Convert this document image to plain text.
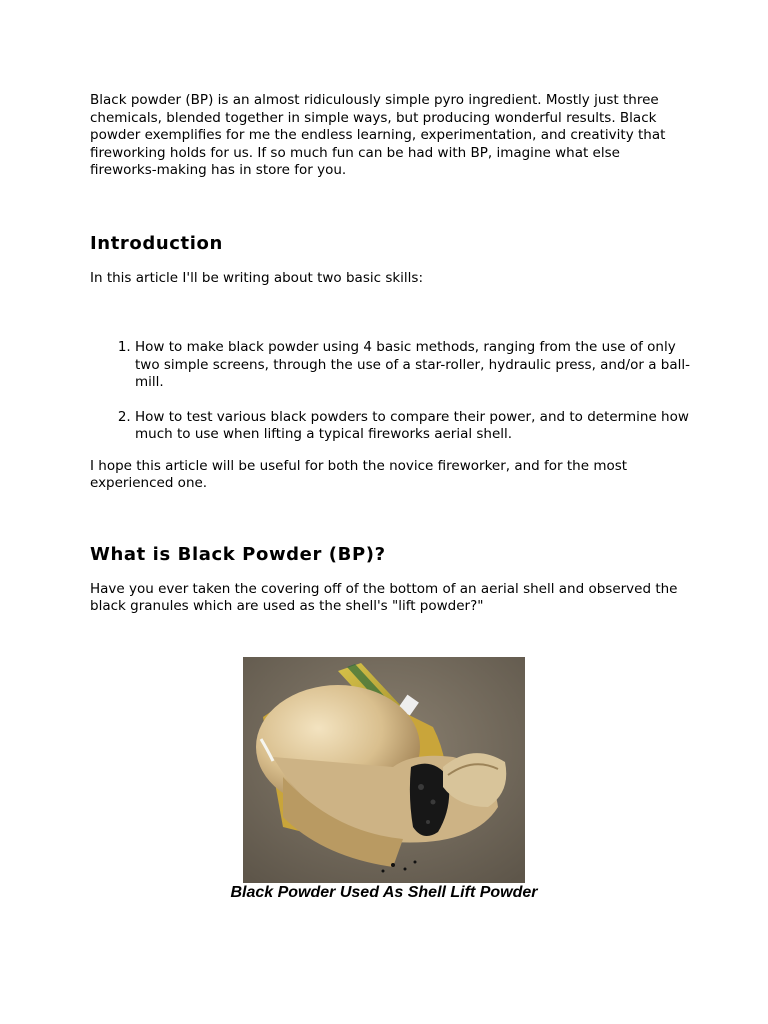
Black powder (BP) is an almost ridiculously simple pyro ingredient. Mostly just three chemicals, blended together in simple ways, but producing wonderful results. Black powder exemplifies for me the endless learning, experimentation, and creativity that fireworking holds for us. If so much fun can be had with BP, imagine what else fireworks-making has in store for you.

Introduction

In this article I'll be writing about two basic skills:

1. How to make black powder using 4 basic methods, ranging from the use of only two simple screens, through the use of a star-roller, hydraulic press, and/or a ball-mill.
2. How to test various black powders to compare their power, and to determine how much to use when lifting a typical fireworks aerial shell.

I hope this article will be useful for both the novice fireworker, and for the most experienced one.

What is Black Powder (BP)?

Have you ever taken the covering off of the bottom of an aerial shell and observed the black granules which are used as the shell's "lift powder?"

Black Powder Used As Shell Lift Powder
